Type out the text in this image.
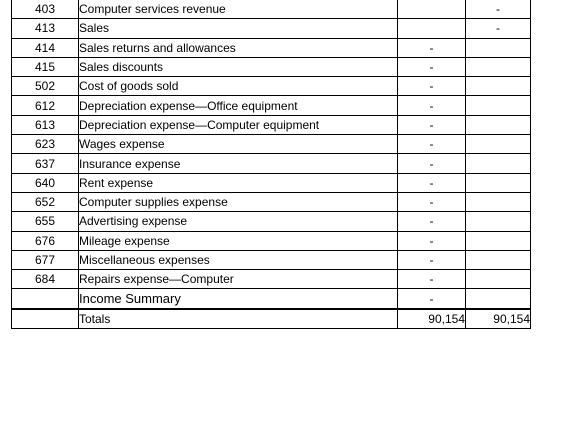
403	Computer services revenue		-
413	Sales		-
414	Sales returns and allowances	-	
415	Sales discounts	-	
502	Cost of goods sold	-	
612	Depreciation expense—Office equipment	-	
613	Depreciation expense—Computer equipment	-	
623	Wages expense	-	
637	Insurance expense	-	
640	Rent expense	-	
652	Computer supplies expense	-	
655	Advertising expense	-	
676	Mileage expense	-	
677	Miscellaneous expenses	-	
684	Repairs expense—Computer	-	
	Income Summary	-	
	Totals	90,154	90,154
